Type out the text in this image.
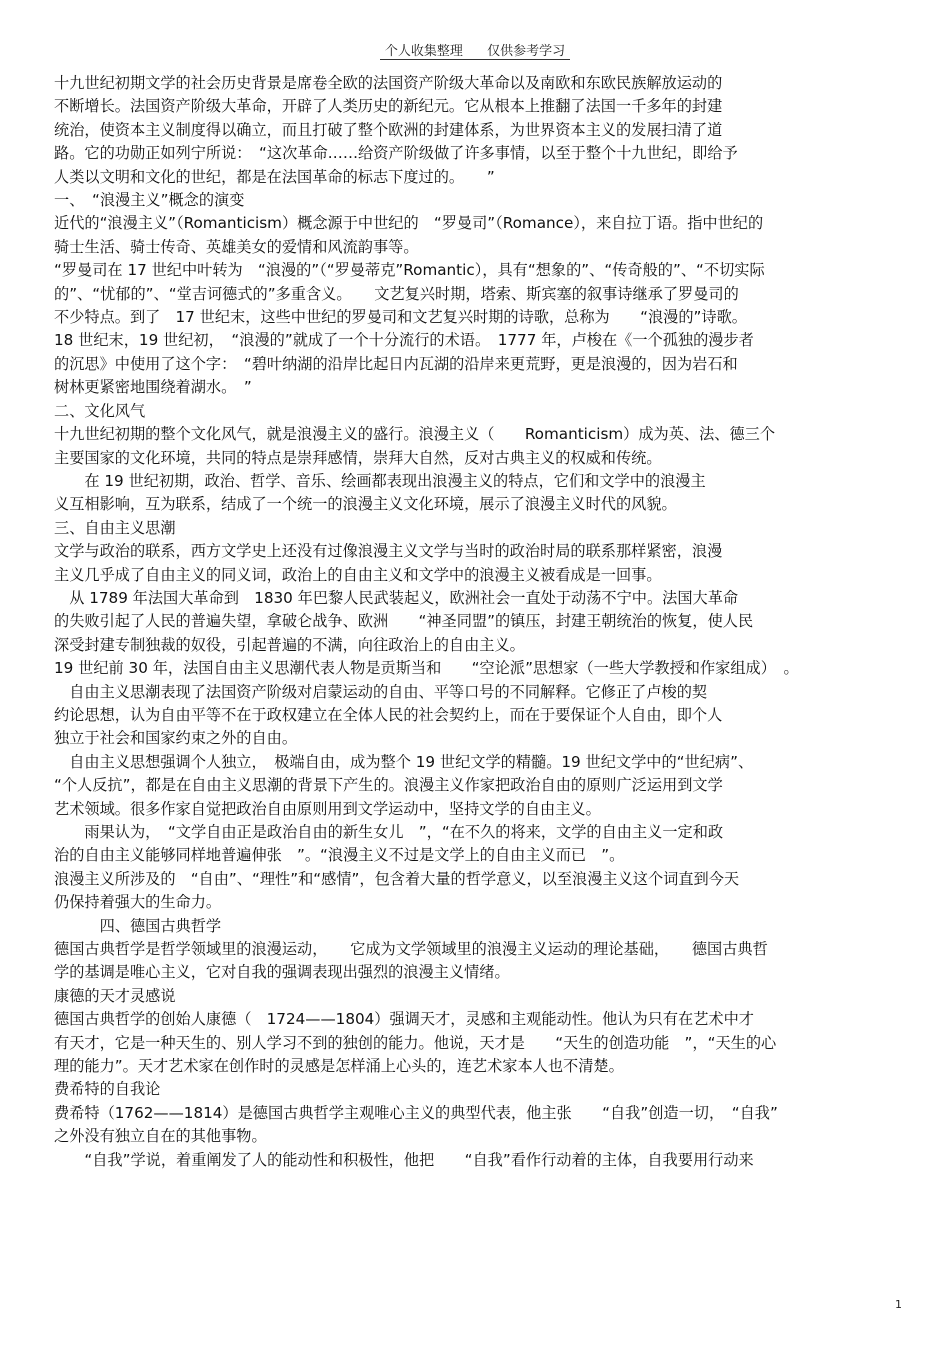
个人收集整理 仅供参考学习

十九世纪初期文学的社会历史背景是席卷全欧的法国资产阶级大革命以及南欧和东欧民族解放运动的

不断增长。法国资产阶级大革命，开辟了人类历史的新纪元。它从根本上推翻了法国一千多年的封建

统治，使资本主义制度得以确立，而且打破了整个欧洲的封建体系，为世界资本主义的发展扫清了道

路。它的功勋正如列宁所说：　“这次革命……给资产阶级做了许多事情，以至于整个十九世纪，即给予

人类以文明和文化的世纪，都是在法国革命的标志下度过的。　　”

一、　“浪漫主义”概念的演变

近代的“浪漫主义”（Romanticism）概念源于中世纪的　“罗曼司”（Romance），来自拉丁语。指中世纪的

骑士生活、骑士传奇、英雄美女的爱情和风流韵事等。

“罗曼司在 17 世纪中叶转为　“浪漫的”（“罗曼蒂克”Romantic），具有“想象的”、“传奇般的”、“不切实际

的”、“忧郁的”、“堂吉诃德式的”多重含义。　　文艺复兴时期，塔索、斯宾塞的叙事诗继承了罗曼司的

不少特点。到了　17 世纪末，这些中世纪的罗曼司和文艺复兴时期的诗歌，总称为　　“浪漫的”诗歌。

18 世纪末，19 世纪初，　“浪漫的”就成了一个十分流行的术语。　1777 年，卢梭在《一个孤独的漫步者

的沉思》中使用了这个字：　“碧叶纳湖的沿岸比起日内瓦湖的沿岸来更荒野，更是浪漫的，因为岩石和

树林更紧密地围绕着湖水。　”

二、文化风气

十九世纪初期的整个文化风气，就是浪漫主义的盛行。浪漫主义（　　Romanticism）成为英、法、德三个

主要国家的文化环境，共同的特点是崇拜感情，崇拜大自然，反对古典主义的权威和传统。

　　在 19 世纪初期，政治、哲学、音乐、绘画都表现出浪漫主义的特点，它们和文学中的浪漫主

义互相影响，互为联系，结成了一个统一的浪漫主义文化环境，展示了浪漫主义时代的风貌。

三、自由主义思潮

文学与政治的联系，西方文学史上还没有过像浪漫主义文学与当时的政治时局的联系那样紧密，浪漫

主义几乎成了自由主义的同义词，政治上的自由主义和文学中的浪漫主义被看成是一回事。

　从 1789 年法国大革命到　1830 年巴黎人民武装起义，欧洲社会一直处于动荡不宁中。法国大革命

的失败引起了人民的普遍失望，拿破仑战争、欧洲　　“神圣同盟”的镇压，封建王朝统治的恢复，使人民

深受封建专制独裁的奴役，引起普遍的不满，向往政治上的自由主义。

19 世纪前 30 年，法国自由主义思潮代表人物是贡斯当和　　“空论派”思想家（一些大学教授和作家组成）　。

　自由主义思潮表现了法国资产阶级对启蒙运动的自由、平等口号的不同解释。它修正了卢梭的契

约论思想，认为自由平等不在于政权建立在全体人民的社会契约上，而在于要保证个人自由，即个人

独立于社会和国家约束之外的自由。

　自由主义思想强调个人独立，　极端自由，成为整个 19 世纪文学的精髓。19 世纪文学中的“世纪病”、

“个人反抗”，都是在自由主义思潮的背景下产生的。浪漫主义作家把政治自由的原则广泛运用到文学

艺术领域。很多作家自觉把政治自由原则用到文学运动中，坚持文学的自由主义。

　　雨果认为，　“文学自由正是政治自由的新生女儿　”，“在不久的将来，文学的自由主义一定和政

治的自由主义能够同样地普遍伸张　”。“浪漫主义不过是文学上的自由主义而已　”。

浪漫主义所涉及的　“自由”、“理性”和“感情”，包含着大量的哲学意义，以至浪漫主义这个词直到今天

仍保持着强大的生命力。

　　　四、德国古典哲学

德国古典哲学是哲学领域里的浪漫运动，　　它成为文学领域里的浪漫主义运动的理论基础，　　德国古典哲

学的基调是唯心主义，它对自我的强调表现出强烈的浪漫主义情绪。

康德的天才灵感说

德国古典哲学的创始人康德（　1724——1804）强调天才，灵感和主观能动性。他认为只有在艺术中才

有天才，它是一种天生的、别人学习不到的独创的能力。他说，天才是　　“天生的创造功能　”，“天生的心

理的能力”。天才艺术家在创作时的灵感是怎样涌上心头的，连艺术家本人也不清楚。

费希特的自我论

费希特（1762——1814）是德国古典哲学主观唯心主义的典型代表，他主张　　“自我”创造一切，　“自我”

之外没有独立自在的其他事物。

　　“自我”学说，着重阐发了人的能动性和积极性，他把　　“自我”看作行动着的主体，自我要用行动来

1
